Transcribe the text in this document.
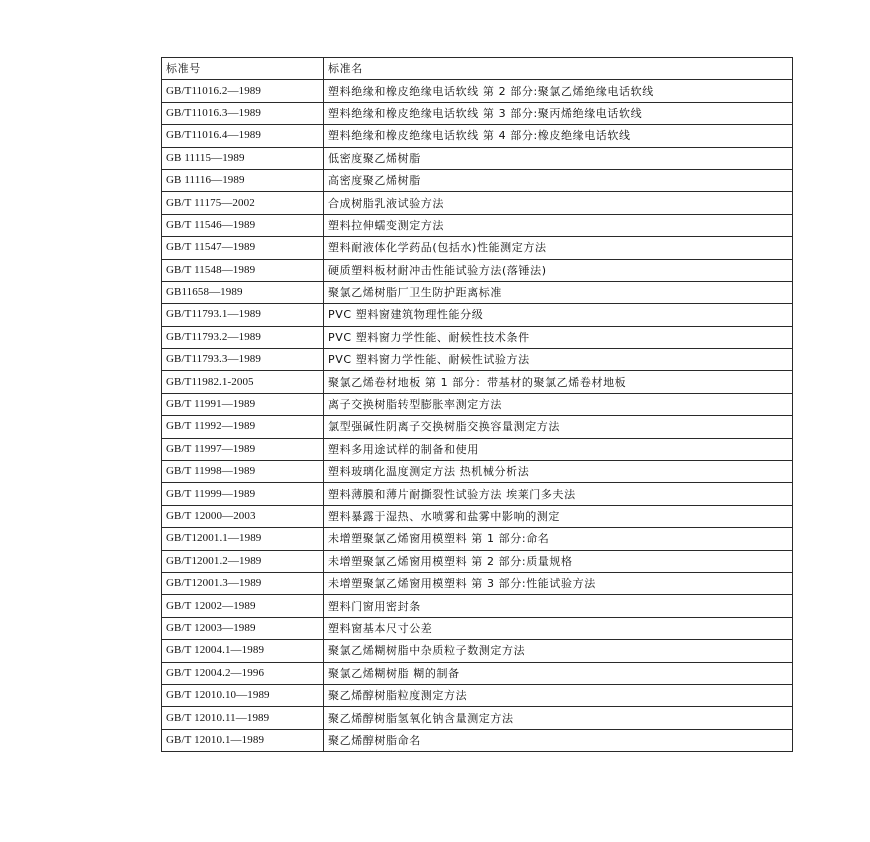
标准号	标准名
GB/T11016.2—1989	塑料绝缘和橡皮绝缘电话软线 第 2 部分:聚氯乙烯绝缘电话软线
GB/T11016.3—1989	塑料绝缘和橡皮绝缘电话软线 第 3 部分:聚丙烯绝缘电话软线
GB/T11016.4—1989	塑料绝缘和橡皮绝缘电话软线 第 4 部分:橡皮绝缘电话软线
GB 11115—1989	低密度聚乙烯树脂
GB 11116—1989	高密度聚乙烯树脂
GB/T 11175—2002	合成树脂乳液试验方法
GB/T 11546—1989	塑料拉伸蠕变测定方法
GB/T 11547—1989	塑料耐液体化学药品(包括水)性能测定方法
GB/T 11548—1989	硬质塑料板材耐冲击性能试验方法(落锤法)
GB11658—1989	聚氯乙烯树脂厂卫生防护距离标准
GB/T11793.1—1989	PVC 塑料窗建筑物理性能分级
GB/T11793.2—1989	PVC 塑料窗力学性能、耐候性技术条件
GB/T11793.3—1989	PVC 塑料窗力学性能、耐候性试验方法
GB/T11982.1-2005	聚氯乙烯卷材地板 第 1 部分：带基材的聚氯乙烯卷材地板
GB/T 11991—1989	离子交换树脂转型膨胀率测定方法
GB/T 11992—1989	氯型强碱性阴离子交换树脂交换容量测定方法
GB/T 11997—1989	塑料多用途试样的制备和使用
GB/T 11998—1989	塑料玻璃化温度测定方法 热机械分析法
GB/T 11999—1989	塑料薄膜和薄片耐撕裂性试验方法 埃莱门多夫法
GB/T 12000—2003	塑料暴露于湿热、水喷雾和盐雾中影响的测定
GB/T12001.1—1989	未增塑聚氯乙烯窗用模塑料 第 1 部分:命名
GB/T12001.2—1989	未增塑聚氯乙烯窗用模塑料 第 2 部分:质量规格
GB/T12001.3—1989	未增塑聚氯乙烯窗用模塑料 第 3 部分:性能试验方法
GB/T 12002—1989	塑料门窗用密封条
GB/T 12003—1989	塑料窗基本尺寸公差
GB/T 12004.1—1989	聚氯乙烯糊树脂中杂质粒子数测定方法
GB/T 12004.2—1996	聚氯乙烯糊树脂 糊的制备
GB/T 12010.10—1989	聚乙烯醇树脂粒度测定方法
GB/T 12010.11—1989	聚乙烯醇树脂氢氧化钠含量测定方法
GB/T 12010.1—1989	聚乙烯醇树脂命名
